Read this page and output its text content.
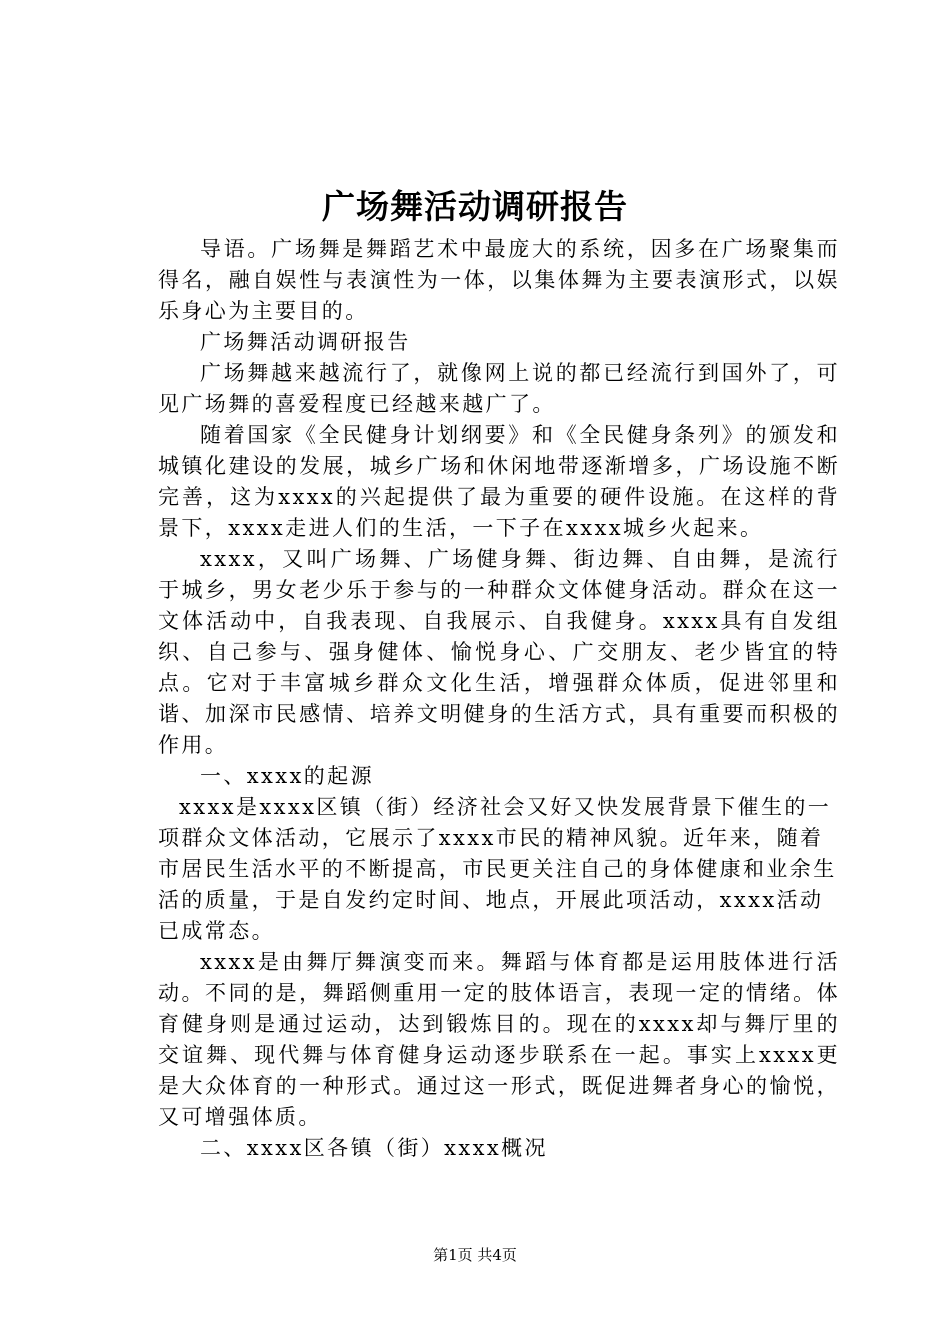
广场舞活动调研报告

导语。广场舞是舞蹈艺术中最庞大的系统，因多在广场聚集而得名，融自娱性与表演性为一体，以集体舞为主要表演形式，以娱乐身心为主要目的。

广场舞活动调研报告

广场舞越来越流行了，就像网上说的都已经流行到国外了，可见广场舞的喜爱程度已经越来越广了。

随着国家《全民健身计划纲要》和《全民健身条列》的颁发和城镇化建设的发展，城乡广场和休闲地带逐渐增多，广场设施不断完善，这为xxxx的兴起提供了最为重要的硬件设施。在这样的背景下，xxxx走进人们的生活，一下子在xxxx城乡火起来。

xxxx，又叫广场舞、广场健身舞、街边舞、自由舞，是流行于城乡，男女老少乐于参与的一种群众文体健身活动。群众在这一文体活动中，自我表现、自我展示、自我健身。xxxx具有自发组织、自己参与、强身健体、愉悦身心、广交朋友、老少皆宜的特点。它对于丰富城乡群众文化生活，增强群众体质，促进邻里和谐、加深市民感情、培养文明健身的生活方式，具有重要而积极的作用。

一、xxxx的起源

xxxx是xxxx区镇（街）经济社会又好又快发展背景下催生的一项群众文体活动，它展示了xxxx市民的精神风貌。近年来，随着市居民生活水平的不断提高，市民更关注自己的身体健康和业余生活的质量，于是自发约定时间、地点，开展此项活动，xxxx活动已成常态。

xxxx是由舞厅舞演变而来。舞蹈与体育都是运用肢体进行活动。不同的是，舞蹈侧重用一定的肢体语言，表现一定的情绪。体育健身则是通过运动，达到锻炼目的。现在的xxxx却与舞厅里的交谊舞、现代舞与体育健身运动逐步联系在一起。事实上xxxx更是大众体育的一种形式。通过这一形式，既促进舞者身心的愉悦，又可增强体质。

二、xxxx区各镇（街）xxxx概况

第1页 共4页
